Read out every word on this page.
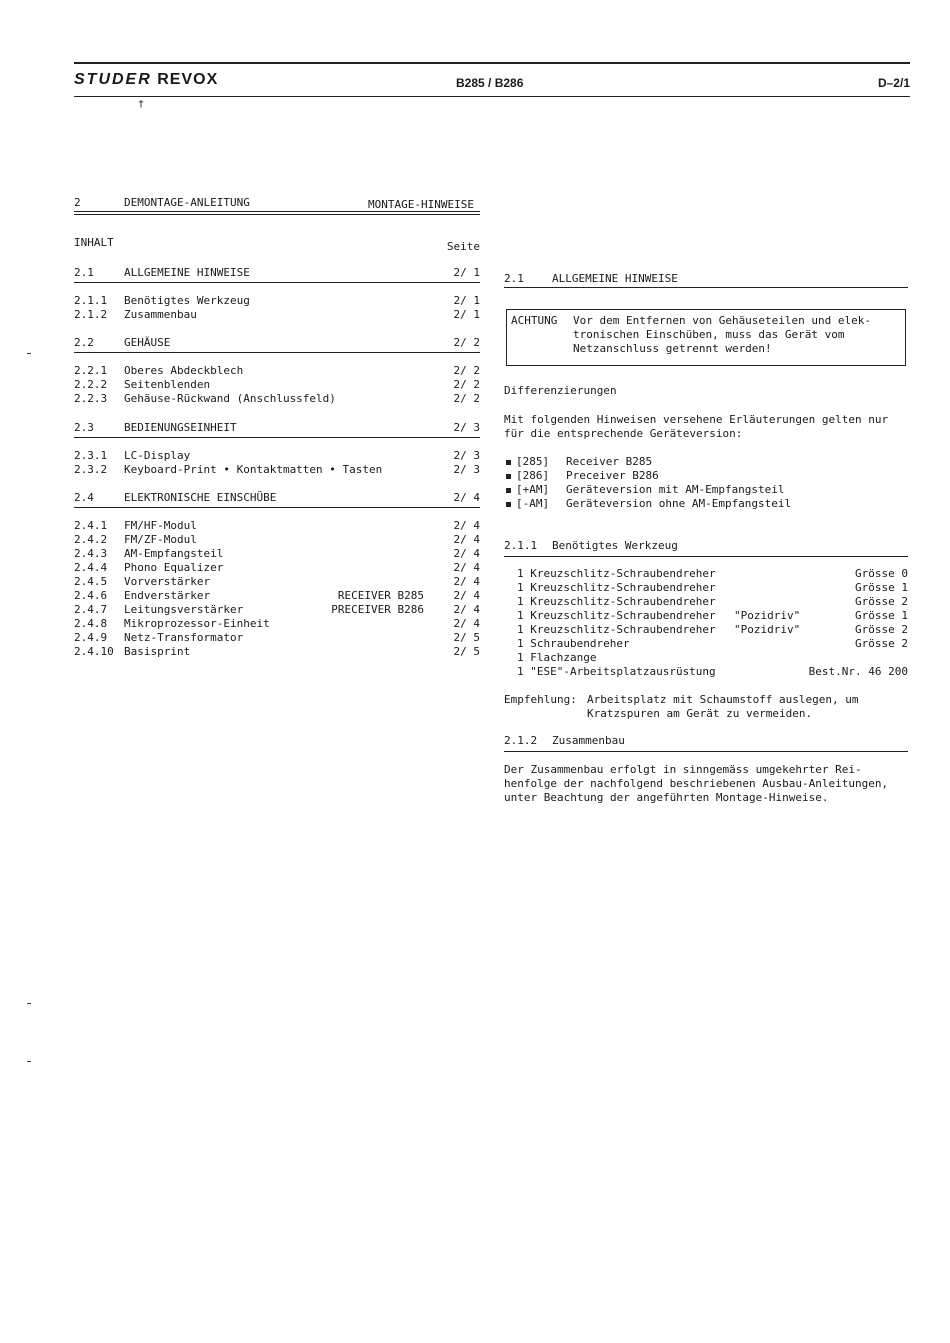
STUDER REVOX	B285 / B286	D–2/1
†
2	DEMONTAGE-ANLEITUNG	MONTAGE-HINWEISE
INHALT	Seite
2.1	ALLGEMEINE HINWEISE	2/ 1
2.1.1 Benötigtes Werkzeug	2/ 1
2.1.2 Zusammenbau	2/ 1
2.2	GEHÄUSE	2/ 2
2.2.1 Oberes Abdeckblech	2/ 2
2.2.2 Seitenblenden	2/ 2
2.2.3 Gehäuse-Rückwand (Anschlussfeld)	2/ 2
2.3	BEDIENUNGSEINHEIT	2/ 3
2.3.1 LC-Display	2/ 3
2.3.2 Keyboard-Print • Kontaktmatten • Tasten	2/ 3
2.4	ELEKTRONISCHE EINSCHÜBE	2/ 4
2.4.1 FM/HF-Modul	2/ 4
2.4.2 FM/ZF-Modul	2/ 4
2.4.3 AM-Empfangsteil	2/ 4
2.4.4 Phono Equalizer	2/ 4
2.4.5 Vorverstärker	2/ 4
2.4.6 Endverstärker	RECEIVER B285	2/ 4
2.4.7 Leitungsverstärker	PRECEIVER B286	2/ 4
2.4.8 Mikroprozessor-Einheit	2/ 4
2.4.9 Netz-Transformator	2/ 5
2.4.10 Basisprint	2/ 5
2.1	ALLGEMEINE HINWEISE
ACHTUNG Vor dem Entfernen von Gehäuseteilen und elek-
tronischen Einschüben, muss das Gerät vom
Netzanschluss getrennt werden!
Differenzierungen
Mit folgenden Hinweisen versehene Erläuterungen gelten nur
für die entsprechende Geräteversion:
[285] Receiver B285
[286] Preceiver B286
[+AM] Geräteversion mit AM-Empfangsteil
[-AM] Geräteversion ohne AM-Empfangsteil
2.1.1 Benötigtes Werkzeug
1 Kreuzschlitz-Schraubendreher	Grösse 0
1 Kreuzschlitz-Schraubendreher	Grösse 1
1 Kreuzschlitz-Schraubendreher	Grösse 2
1 Kreuzschlitz-Schraubendreher "Pozidriv"	Grösse 1
1 Kreuzschlitz-Schraubendreher "Pozidriv"	Grösse 2
1 Schraubendreher	Grösse 2
1 Flachzange
1 "ESE"-Arbeitsplatzausrüstung	Best.Nr. 46 200
Empfehlung: Arbeitsplatz mit Schaumstoff auslegen, um
Kratzspuren am Gerät zu vermeiden.
2.1.2 Zusammenbau
Der Zusammenbau erfolgt in sinngemäss umgekehrter Rei-
henfolge der nachfolgend beschriebenen Ausbau-Anleitungen,
unter Beachtung der angeführten Montage-Hinweise.
